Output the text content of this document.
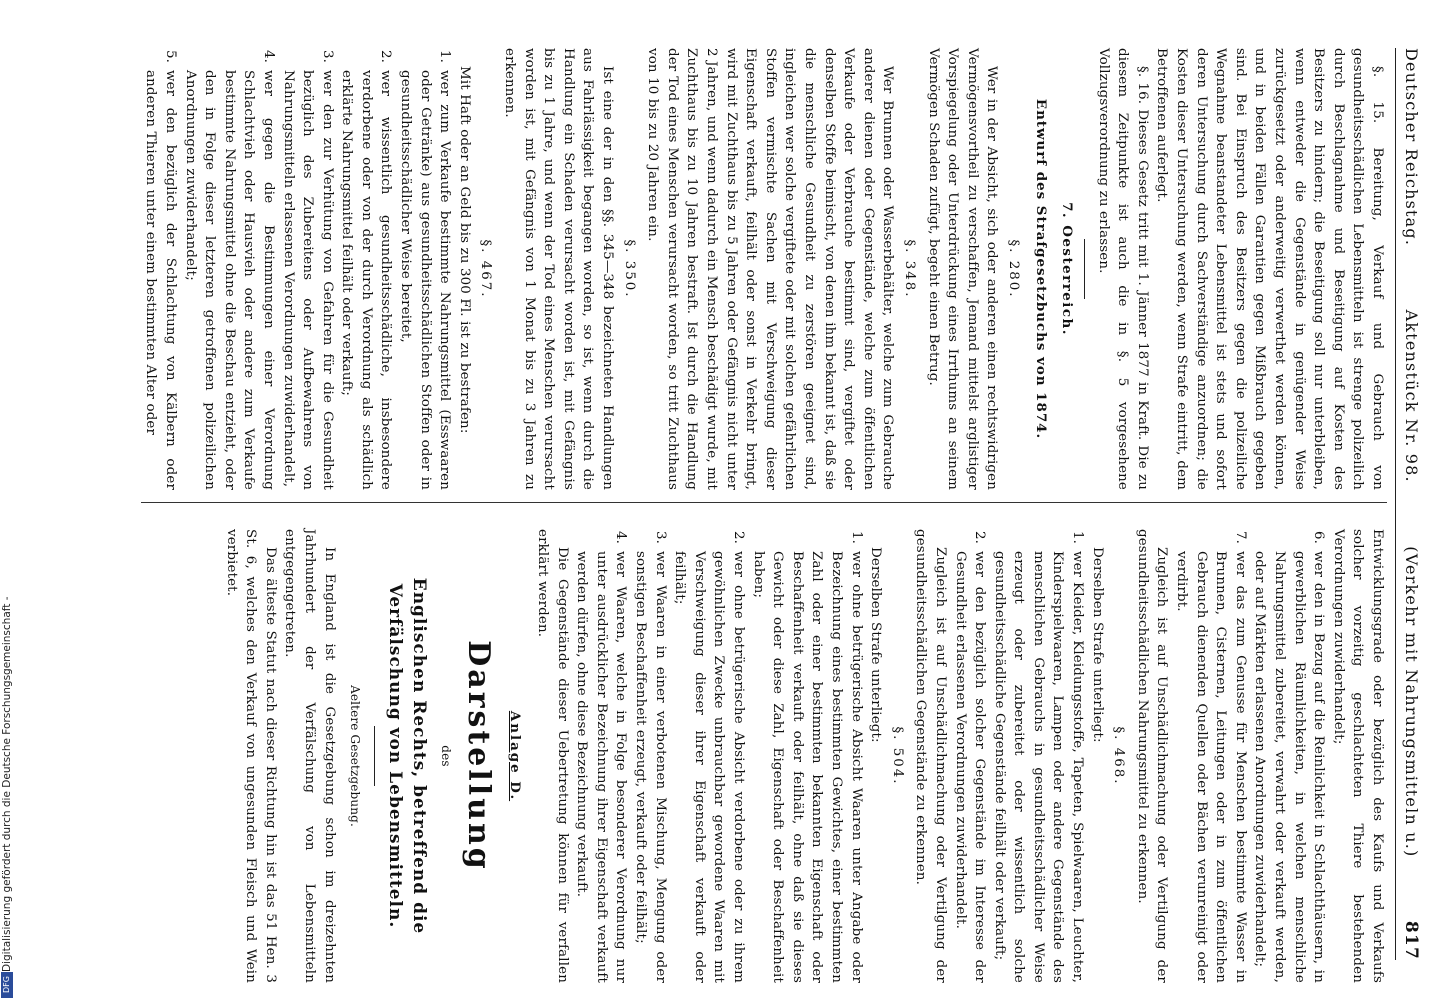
Deutscher Reichstag.
Aktenstück Nr. 98.
(Verkehr mit Nahrungsmitteln u.)
817

§. 15. Bereitung, Verkauf und Gebrauch von gesundheitsschädlichen Lebensmitteln ist strenge polizeilich durch Beschlagnahme und Beseitigung auf Kosten des Besitzers zu hindern; die Beseitigung soll nur unterbleiben, wenn entweder die Gegenstände in genügender Weise zurückgesetzt oder anderweitig verwerthet werden können, und in beiden Fällen Garantien gegen Mißbrauch gegeben sind. Bei Einspruch des Besitzers gegen die polizeiliche Wegnahme beanstandeter Lebensmittel ist stets und sofort deren Untersuchung durch Sachverständige anzuordnen; die Kosten dieser Untersuchung werden, wenn Strafe eintritt, dem Betroffenen auferlegt.

§. 16. Dieses Gesetz tritt mit 1. Jänner 1877 in Kraft. Die zu diesem Zeitpunkte ist auch die in §. 5 vorgesehene Vollzugsverordnung zu erlassen.

7. Oesterreich.
Entwurf des Strafgesetzbuchs von 1874.
§. 280.

Wer in der Absicht, sich oder anderen einen rechtswidrigen Vermögensvortheil zu verschaffen, Jemand mittelst arglistiger Vorspiegelung oder Unterdrückung eines Irrthums an seinem Vermögen Schaden zufügt, begeht einen Betrug.

§. 348.

Wer Brunnen oder Wasserbehälter, welche zum Gebrauche anderer dienen oder Gegenstände, welche zum öffentlichen Verkaufe oder Verbrauche bestimmt sind, vergiftet oder denselben Stoffe beimischt, von denen ihm bekannt ist, daß sie die menschliche Gesundheit zu zerstören geeignet sind, ingleichen wer solche vergiftete oder mit solchen gefährlichen Stoffen vermischte Sachen mit Verschweigung dieser Eigenschaft verkauft, feilhält oder sonst in Verkehr bringt, wird mit Zuchthaus bis zu 5 Jahren oder Gefängnis nicht unter 2 Jahren, und wenn dadurch ein Mensch beschädigt wurde, mit Zuchthaus bis zu 10 Jahren bestraft. Ist durch die Handlung der Tod eines Menschen verursacht worden, so tritt Zuchthaus von 10 bis zu 20 Jahren ein.

§. 350.

Ist eine der in den §§. 345—348 bezeichneten Handlungen aus Fahrlässigkeit begangen worden, so ist, wenn durch die Handlung ein Schaden verursacht worden ist, mit Gefängnis bis zu 1 Jahre, und wenn der Tod eines Menschen verursacht worden ist, mit Gefängnis von 1 Monat bis zu 3 Jahren zu erkennen.

§. 467.

Mit Haft oder an Geld bis zu 300 Fl. ist zu bestrafen:

1.
wer zum Verkaufe bestimmte Nahrungsmittel (Esswaaren oder Getränke) aus gesundheitsschädlichen Stoffen oder in gesundheitsschädlicher Weise bereitet,
2.
wer wissentlich gesundheitsschädliche, insbesondere verdorbene oder von der durch Verordnung als schädlich erklärte Nahrungsmittel feilhält oder verkauft;
3.
wer den zur Verhütung von Gefahren für die Gesundheit bezüglich des Zubereitens oder Aufbewahrens von Nahrungsmitteln erlassenen Verordnungen zuwiderhandelt,
4.
wer gegen die Bestimmungen einer Verordnung Schlachtvieh oder Hausvieh oder andere zum Verkaufe bestimmte Nahrungsmittel ohne die Beschau entzieht, oder den in Folge dieser letzteren getroffenen polizeilichen Anordnungen zuwiderhandelt;
5.
wer den bezüglich der Schlachtung von Kälbern oder anderen Thieren unter einem bestimmten Alter oder

Entwicklungsgrade oder bezüglich des Kaufs und Verkaufs solcher vorzeitig geschlachteten Thiere bestehenden Verordnungen zuwiderhandelt;

6.
wer den in Bezug auf die Reinlichkeit in Schlachthäusern, in gewerblichen Räumlichkeiten, in welchen menschliche Nahrungsmittel zubereitet, verwahrt oder verkauft werden, oder auf Märkten erlassenen Anordnungen zuwiderhandelt;
7.
wer das zum Genusse für Menschen bestimmte Wasser in Brunnen, Cisternen, Leitungen oder in zum öffentlichen Gebrauch dienenden Quellen oder Bächen verunreinigt oder verdirbt.

Zugleich ist auf Unschädlichmachung oder Vertilgung der gesundheitsschädlichen Nahrungsmittel zu erkennen.

§. 468.

Derselben Strafe unterliegt:

1.
wer Kleider, Kleidungsstoffe, Tapeten, Spielwaaren, Leuchter, Kinderspielwaaren, Lampen oder andere Gegenstände des menschlichen Gebrauchs in gesundheitsschädlicher Weise erzeugt oder zubereitet oder wissentlich solche gesundheitsschädliche Gegenstände feilhält oder verkauft;
2.
wer den bezüglich solcher Gegenstände im Interesse der Gesundheit erlassenen Verordnungen zuwiderhandelt.

Zugleich ist auf Unschädlichmachung oder Vertilgung der gesundheitsschädlichen Gegenstände zu erkennen.

§. 504.

Derselben Strafe unterliegt:

1.
wer ohne betrügerische Absicht Waaren unter Angabe oder Bezeichnung eines bestimmten Gewichtes, einer bestimmten Zahl oder einer bestimmten bekannten Eigenschaft oder Beschaffenheit verkauft oder feilhält, ohne daß sie dieses Gewicht oder diese Zahl, Eigenschaft oder Beschaffenheit haben;
2.
wer ohne betrügerische Absicht verdorbene oder zu ihrem gewöhnlichen Zwecke unbrauchbar gewordene Waaren mit Verschweigung dieser ihrer Eigenschaft verkauft oder feilhält;
3.
wer Waaren in einer verbotenen Mischung, Mengung oder sonstigen Beschaffenheit erzeugt, verkauft oder feilhält;
4.
wer Waaren, welche in Folge besonderer Verordnung nur unter ausdrücklicher Bezeichnung ihrer Eigenschaft verkauft werden dürfen, ohne diese Bezeichnung verkauft.

Die Gegenstände dieser Uebertretung können für verfallen erklärt werden.

Anlage D.
Darstellung
des
Englischen Rechts, betreffend die Verfälschung von Lebensmitteln.
Aeltere Gesetzgebung.

In England ist die Gesetzgebung schon im dreizehnten Jahrhundert der Verfälschung von Lebensmitteln entgegengetreten.

Das älteste Statut nach dieser Richtung hin ist das 51 Hen. 3 St. 6, welches den Verkauf von ungesunden Fleisch und Wein verbietet.

Digitalisierung gefördert durch die Deutsche Forschungsgemeinschaft -
DFG
